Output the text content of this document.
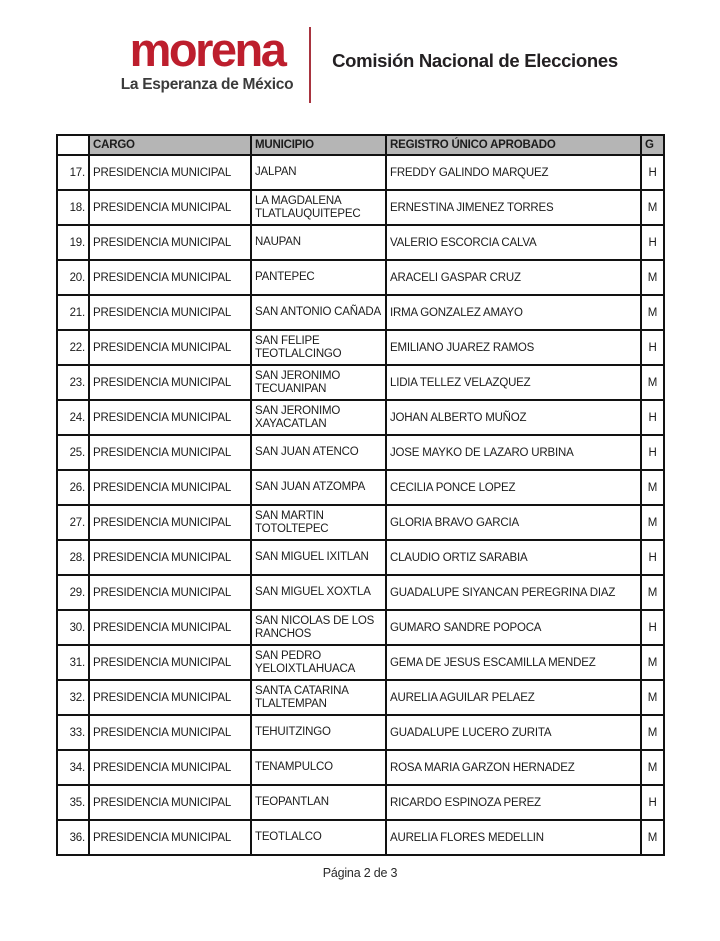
morena
La Esperanza de México
Comisión Nacional de Elecciones
	CARGO	MUNICIPIO	REGISTRO ÚNICO APROBADO	G
17.	PRESIDENCIA MUNICIPAL	JALPAN	FREDDY GALINDO MARQUEZ	H
18.	PRESIDENCIA MUNICIPAL	LA MAGDALENA TLATLAUQUITEPEC	ERNESTINA JIMENEZ TORRES	M
19.	PRESIDENCIA MUNICIPAL	NAUPAN	VALERIO ESCORCIA CALVA	H
20.	PRESIDENCIA MUNICIPAL	PANTEPEC	ARACELI GASPAR CRUZ	M
21.	PRESIDENCIA MUNICIPAL	SAN ANTONIO CAÑADA	IRMA GONZALEZ AMAYO	M
22.	PRESIDENCIA MUNICIPAL	SAN FELIPE TEOTLALCINGO	EMILIANO JUAREZ RAMOS	H
23.	PRESIDENCIA MUNICIPAL	SAN JERONIMO TECUANIPAN	LIDIA TELLEZ VELAZQUEZ	M
24.	PRESIDENCIA MUNICIPAL	SAN JERONIMO XAYACATLAN	JOHAN ALBERTO MUÑOZ	H
25.	PRESIDENCIA MUNICIPAL	SAN JUAN ATENCO	JOSE MAYKO DE LAZARO URBINA	H
26.	PRESIDENCIA MUNICIPAL	SAN JUAN ATZOMPA	CECILIA PONCE LOPEZ	M
27.	PRESIDENCIA MUNICIPAL	SAN MARTIN TOTOLTEPEC	GLORIA BRAVO GARCIA	M
28.	PRESIDENCIA MUNICIPAL	SAN MIGUEL IXITLAN	CLAUDIO ORTIZ SARABIA	H
29.	PRESIDENCIA MUNICIPAL	SAN MIGUEL XOXTLA	GUADALUPE SIYANCAN PEREGRINA DIAZ	M
30.	PRESIDENCIA MUNICIPAL	SAN NICOLAS DE LOS RANCHOS	GUMARO SANDRE POPOCA	H
31.	PRESIDENCIA MUNICIPAL	SAN PEDRO YELOIXTLAHUACA	GEMA DE JESUS ESCAMILLA MENDEZ	M
32.	PRESIDENCIA MUNICIPAL	SANTA CATARINA TLALTEMPAN	AURELIA AGUILAR PELAEZ	M
33.	PRESIDENCIA MUNICIPAL	TEHUITZINGO	GUADALUPE LUCERO ZURITA	M
34.	PRESIDENCIA MUNICIPAL	TENAMPULCO	ROSA MARIA GARZON HERNADEZ	M
35.	PRESIDENCIA MUNICIPAL	TEOPANTLAN	RICARDO ESPINOZA PEREZ	H
36.	PRESIDENCIA MUNICIPAL	TEOTLALCO	AURELIA FLORES MEDELLIN	M
Página 2 de 3
